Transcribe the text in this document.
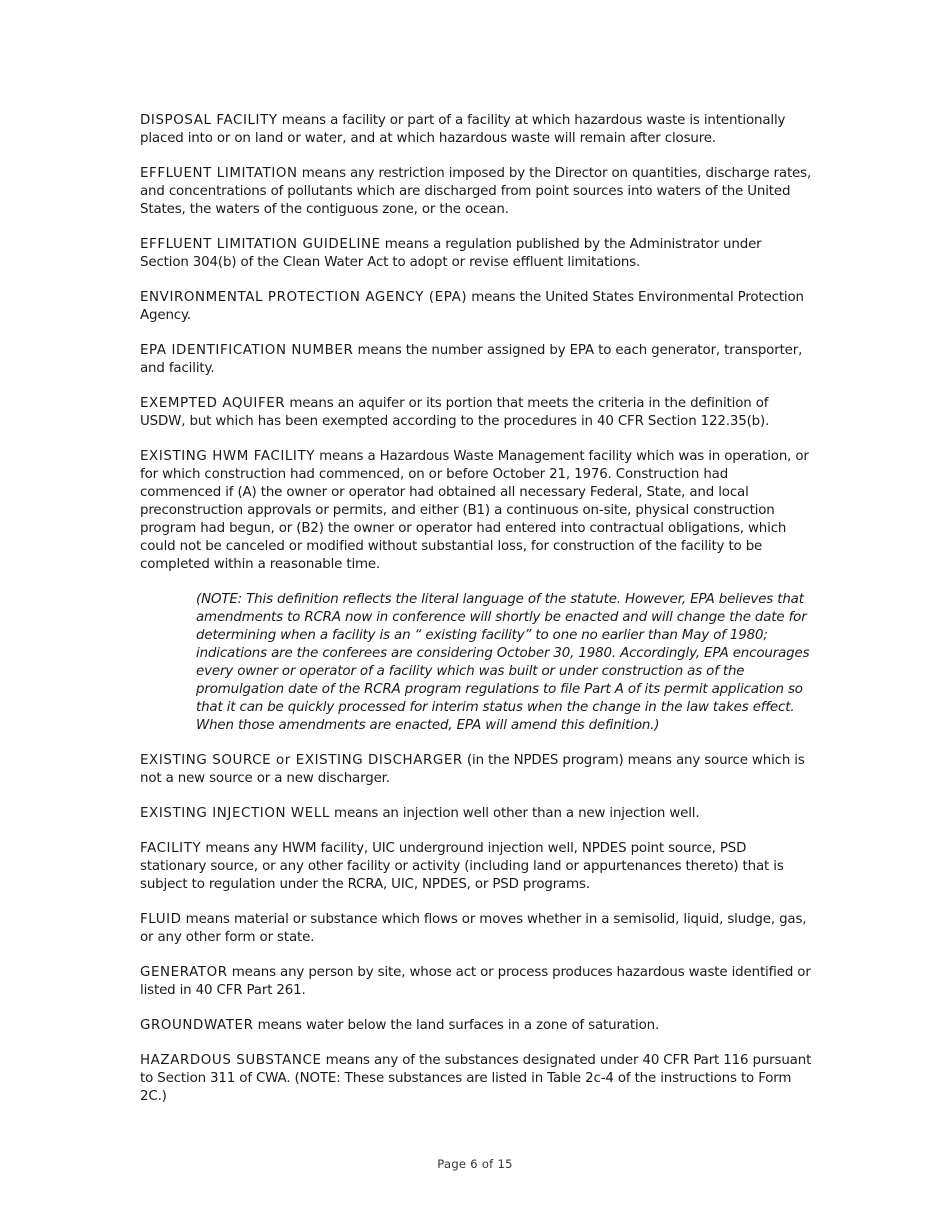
DISPOSAL FACILITY means a facility or part of a facility at which hazardous waste is intentionally placed into or on land or water, and at which hazardous waste will remain after closure.

EFFLUENT LIMITATION means any restriction imposed by the Director on quantities, discharge rates, and concentrations of pollutants which are discharged from point sources into waters of the United States, the waters of the contiguous zone, or the ocean.

EFFLUENT LIMITATION GUIDELINE means a regulation published by the Administrator under Section 304(b) of the Clean Water Act to adopt or revise effluent limitations.

ENVIRONMENTAL PROTECTION AGENCY (EPA) means the United States Environmental Protection Agency.

EPA IDENTIFICATION NUMBER means the number assigned by EPA to each generator, transporter, and facility.

EXEMPTED AQUIFER means an aquifer or its portion that meets the criteria in the definition of USDW, but which has been exempted according to the procedures in 40 CFR Section 122.35(b).

EXISTING HWM FACILITY means a Hazardous Waste Management facility which was in operation, or for which construction had commenced, on or before October 21, 1976. Construction had commenced if (A) the owner or operator had obtained all necessary Federal, State, and local preconstruction approvals or permits, and either (B1) a continuous on-site, physical construction program had begun, or (B2) the owner or operator had entered into contractual obligations, which could not be canceled or modified without substantial loss, for construction of the facility to be completed within a reasonable time.

(NOTE: This definition reflects the literal language of the statute. However, EPA believes that amendments to RCRA now in conference will shortly be enacted and will change the date for determining when a facility is an “ existing facility” to one no earlier than May of 1980; indications are the conferees are considering October 30, 1980. Accordingly, EPA encourages every owner or operator of a facility which was built or under construction as of the promulgation date of the RCRA program regulations to file Part A of its permit application so that it can be quickly processed for interim status when the change in the law takes effect. When those amendments are enacted, EPA will amend this definition.)

EXISTING SOURCE or EXISTING DISCHARGER (in the NPDES program) means any source which is not a new source or a new discharger.

EXISTING INJECTION WELL means an injection well other than a new injection well.

FACILITY means any HWM facility, UIC underground injection well, NPDES point source, PSD stationary source, or any other facility or activity (including land or appurtenances thereto) that is subject to regulation under the RCRA, UIC, NPDES, or PSD programs.

FLUID means material or substance which flows or moves whether in a semisolid, liquid, sludge, gas, or any other form or state.

GENERATOR means any person by site, whose act or process produces hazardous waste identified or listed in 40 CFR Part 261.

GROUNDWATER means water below the land surfaces in a zone of saturation.

HAZARDOUS SUBSTANCE means any of the substances designated under 40 CFR Part 116 pursuant to Section 311 of CWA. (NOTE: These substances are listed in Table 2c-4 of the instructions to Form 2C.)

Page 6 of 15
